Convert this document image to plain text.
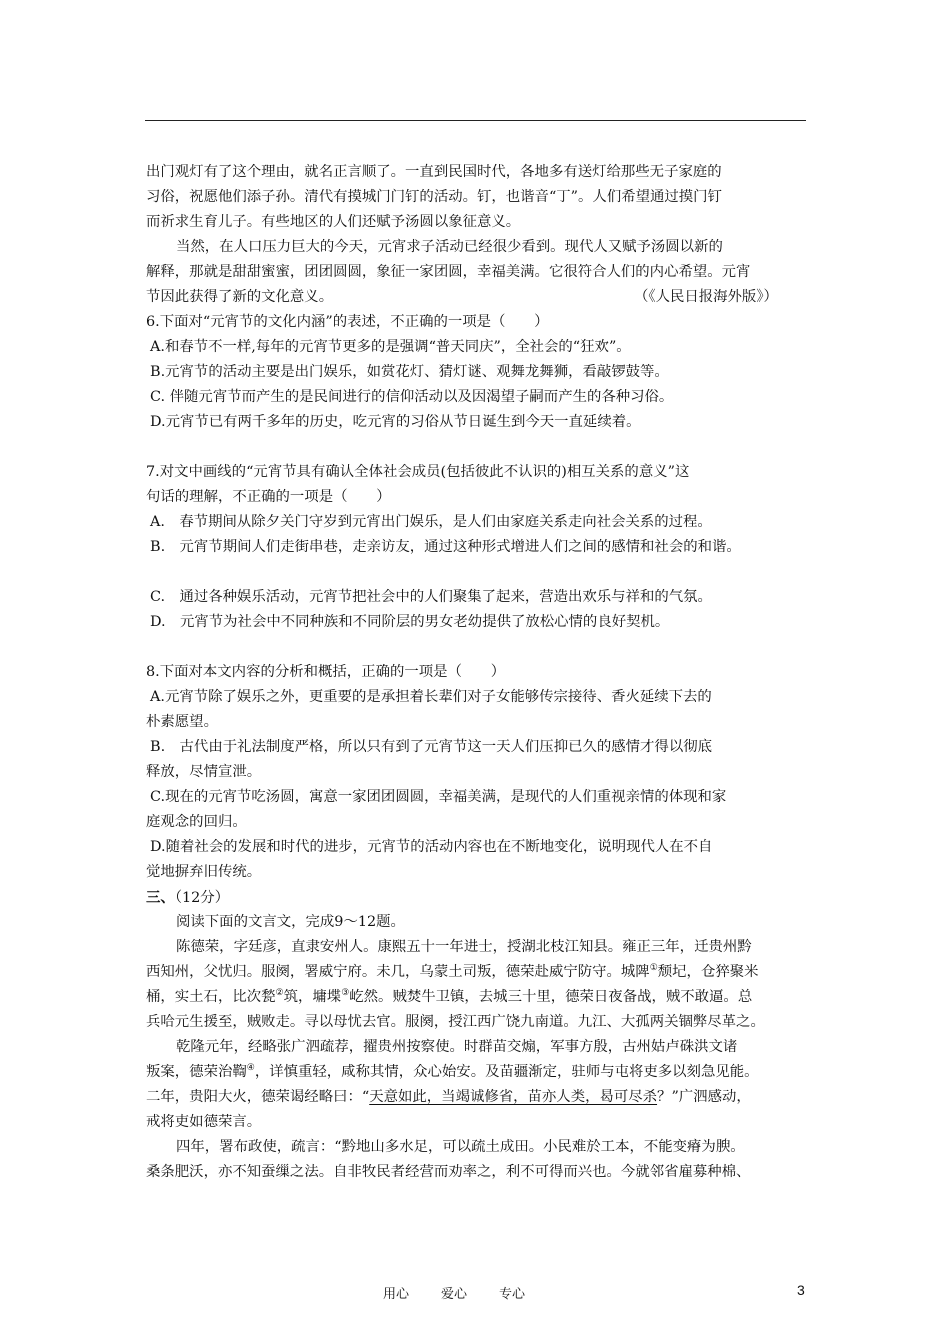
出门观灯有了这个理由，就名正言顺了。一直到民国时代，各地多有送灯给那些无子家庭的
习俗，祝愿他们添子孙。清代有摸城门门钉的活动。钉，也谐音“丁”。人们希望通过摸门钉
而祈求生育儿子。有些地区的人们还赋予汤圆以象征意义。
当然，在人口压力巨大的今天，元宵求子活动已经很少看到。现代人又赋予汤圆以新的
解释，那就是甜甜蜜蜜，团团圆圆，象征一家团圆，幸福美满。它很符合人们的内心希望。元宵
节因此获得了新的文化意义。	（《人民日报海外版》）
6.下面对“元宵节的文化内涵”的表述，不正确的一项是（　　）
A.和春节不一样,每年的元宵节更多的是强调“普天同庆”，全社会的“狂欢”。
B.元宵节的活动主要是出门娱乐，如赏花灯、猜灯谜、观舞龙舞狮，看敲锣鼓等。
C. 伴随元宵节而产生的是民间进行的信仰活动以及因渴望子嗣而产生的各种习俗。
D.元宵节已有两千多年的历史，吃元宵的习俗从节日诞生到今天一直延续着。
7.对文中画线的“元宵节具有确认全体社会成员(包括彼此不认识的)相互关系的意义”这
句话的理解，不正确的一项是（　　）
A.　春节期间从除夕关门守岁到元宵出门娱乐，是人们由家庭关系走向社会关系的过程。
B.　元宵节期间人们走街串巷，走亲访友，通过这种形式增进人们之间的感情和社会的和谐。
C.　通过各种娱乐活动，元宵节把社会中的人们聚集了起来，营造出欢乐与祥和的气氛。
D.　元宵节为社会中不同种族和不同阶层的男女老幼提供了放松心情的良好契机。
8.下面对本文内容的分析和概括，正确的一项是（　　）
A.元宵节除了娱乐之外，更重要的是承担着长辈们对子女能够传宗接待、香火延续下去的
朴素愿望。
B.　古代由于礼法制度严格，所以只有到了元宵节这一天人们压抑已久的感情才得以彻底
释放，尽情宣泄。
C.现在的元宵节吃汤圆，寓意一家团团圆圆，幸福美满，是现代的人们重视亲情的体现和家
庭观念的回归。
D.随着社会的发展和时代的进步，元宵节的活动内容也在不断地变化，说明现代人在不自
觉地摒弃旧传统。
三、（12分）
阅读下面的文言文，完成9～12题。
陈德荣，字廷彦，直隶安州人。康熙五十一年进士，授湖北枝江知县。雍正三年，迁贵州黔
西知州，父忧归。服阕，署威宁府。未几，乌蒙土司叛，德荣赴威宁防守。城陴①颓圮，仓猝聚米
桶，实土石，比次甃②筑，墉堞③屹然。贼焚牛卫镇，去城三十里，德荣日夜备战，贼不敢逼。总
兵哈元生援至，贼败走。寻以母忧去官。服阕，授江西广饶九南道。九江、大孤两关锢弊尽革之。
乾隆元年，经略张广泗疏荐，擢贵州按察使。时群苗交煽，军事方殷，古州姑卢硃洪文诸
叛案，德荣治鞫④，详慎重轻，咸称其情，众心始安。及苗疆渐定，驻师与屯将吏多以刻急见能。
二年，贵阳大火，德荣谒经略曰：“天意如此，当竭诚修省，苗亦人类，曷可尽杀？”广泗感动，
戒将吏如德荣言。
四年，署布政使，疏言：“黔地山多水足，可以疏土成田。小民难於工本，不能变瘠为腴。
桑条肥沃，亦不知蚕缫之法。自非牧民者经营而劝率之，利不可得而兴也。今就邻省雇募种棉、
用心 爱心 专心	3
